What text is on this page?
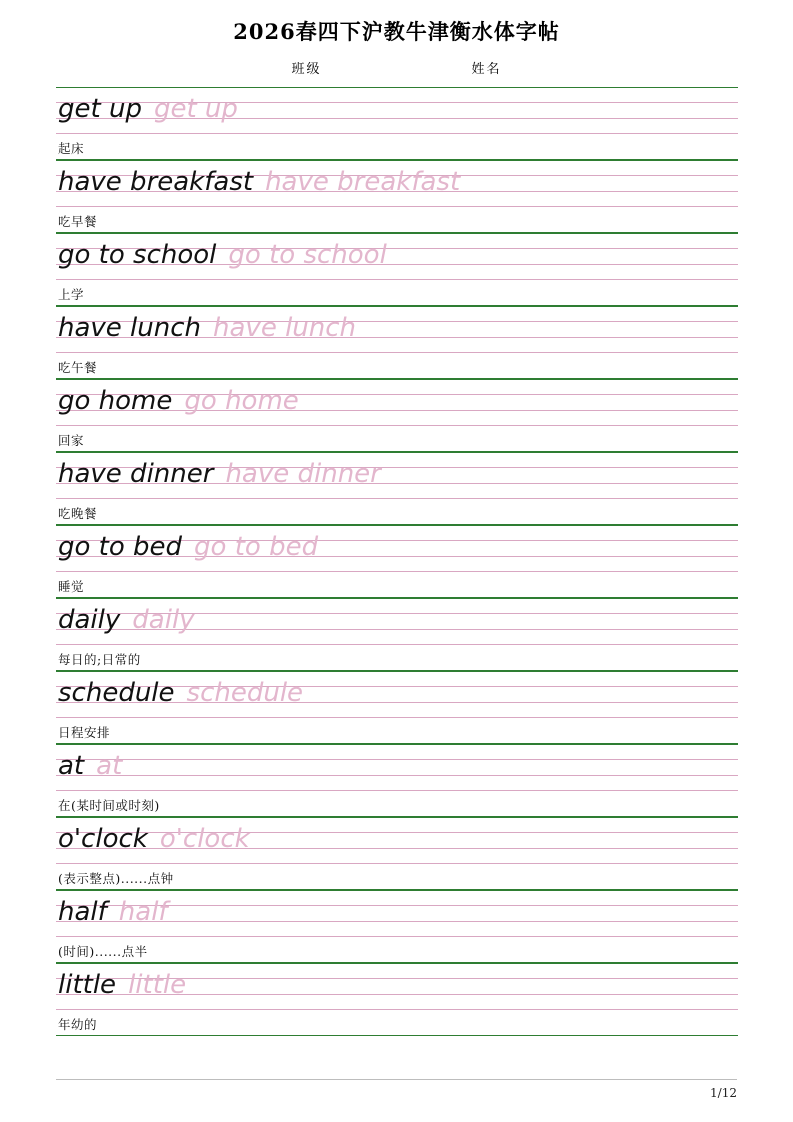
2026春四下沪教牛津衡水体字帖
班级	姓名
get up get up
起床
have breakfast have breakfast
吃早餐
go to school go to school
上学
have lunch have lunch
吃午餐
go home go home
回家
have dinner have dinner
吃晚餐
go to bed go to bed
睡觉
daily daily
每日的;日常的
schedule schedule
日程安排
at at
在(某时间或时刻)
o'clock o'clock
(表示整点)......点钟
half half
(时间)......点半
little little
年幼的
1/12
